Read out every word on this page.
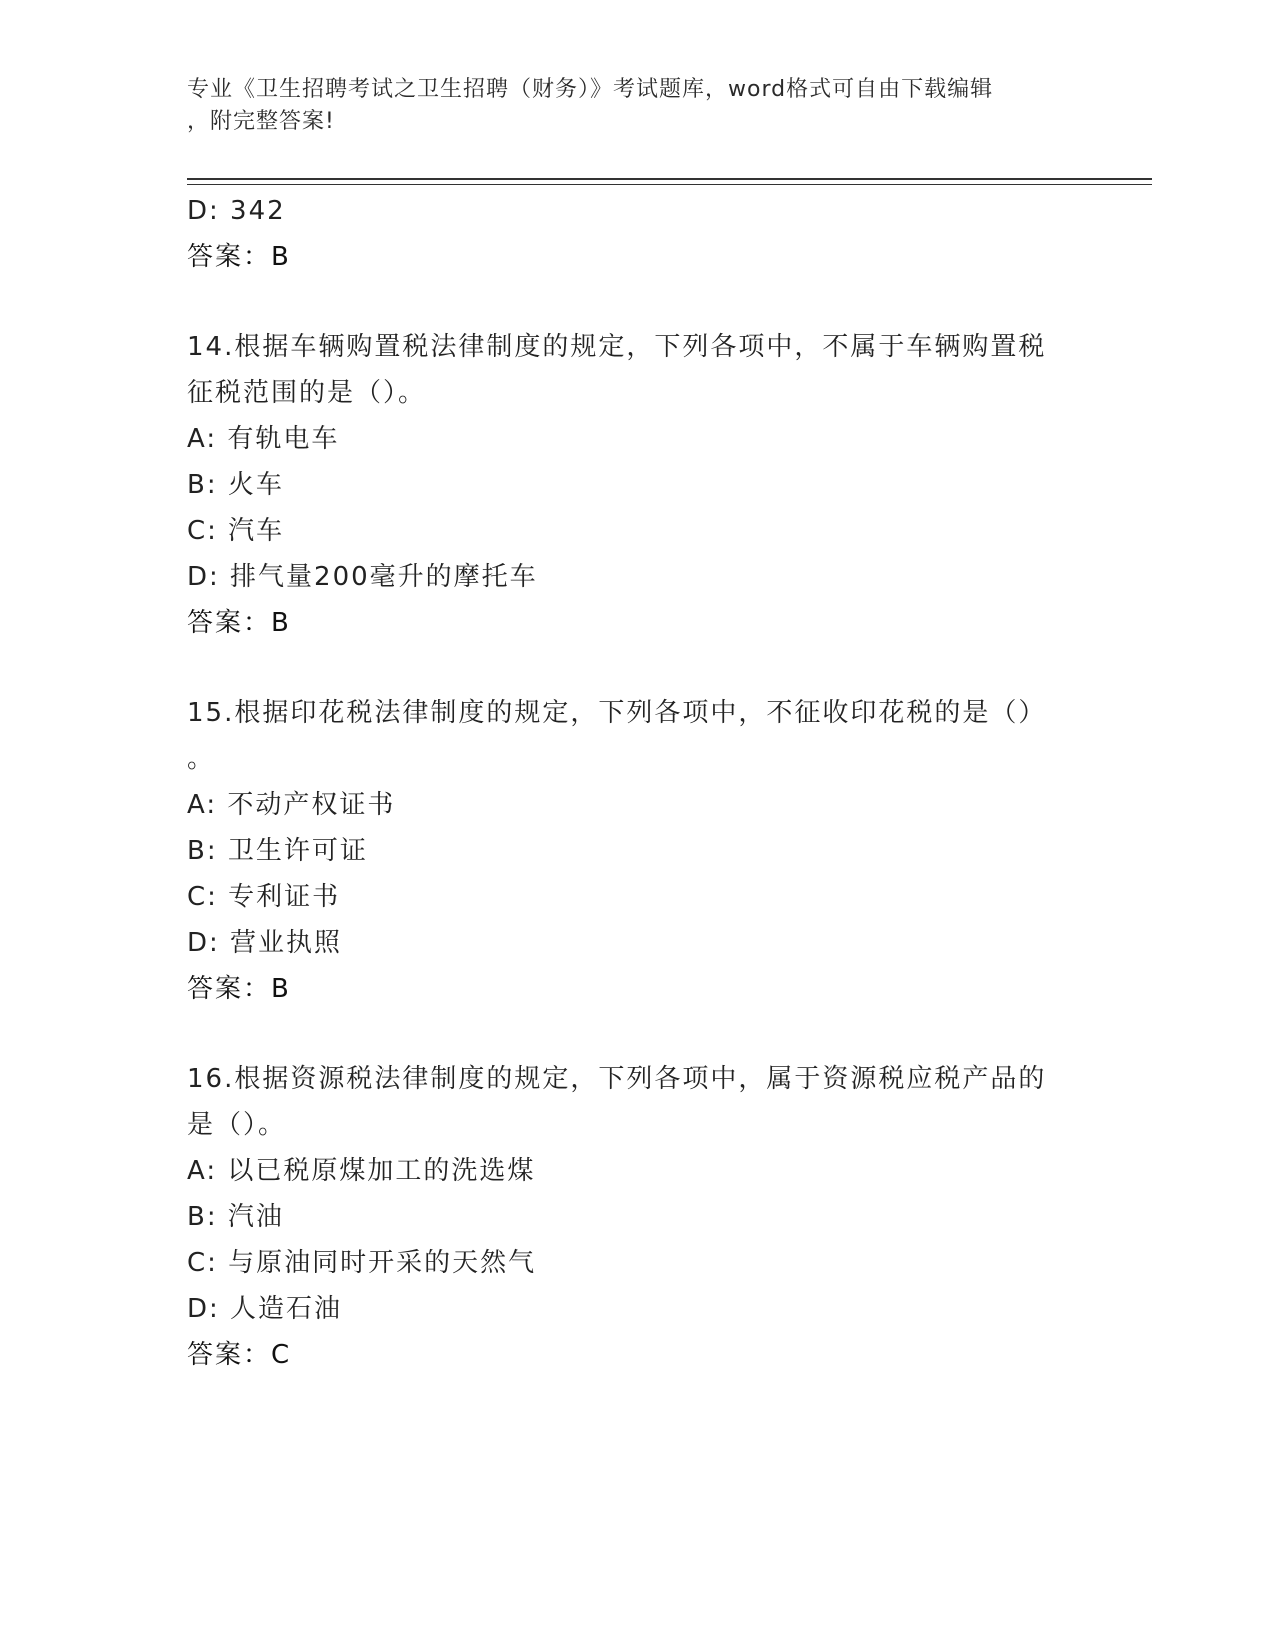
专业《卫生招聘考试之卫生招聘（财务）》考试题库，word格式可自由下载编辑
，附完整答案!
D: 342
答案：B
14.根据车辆购置税法律制度的规定，下列各项中，不属于车辆购置税
征税范围的是（）。
A: 有轨电车
B: 火车
C: 汽车
D: 排气量200毫升的摩托车
答案：B
15.根据印花税法律制度的规定，下列各项中，不征收印花税的是（）
。
A: 不动产权证书
B: 卫生许可证
C: 专利证书
D: 营业执照
答案：B
16.根据资源税法律制度的规定，下列各项中，属于资源税应税产品的
是（）。
A: 以已税原煤加工的洗选煤
B: 汽油
C: 与原油同时开采的天然气
D: 人造石油
答案：C
